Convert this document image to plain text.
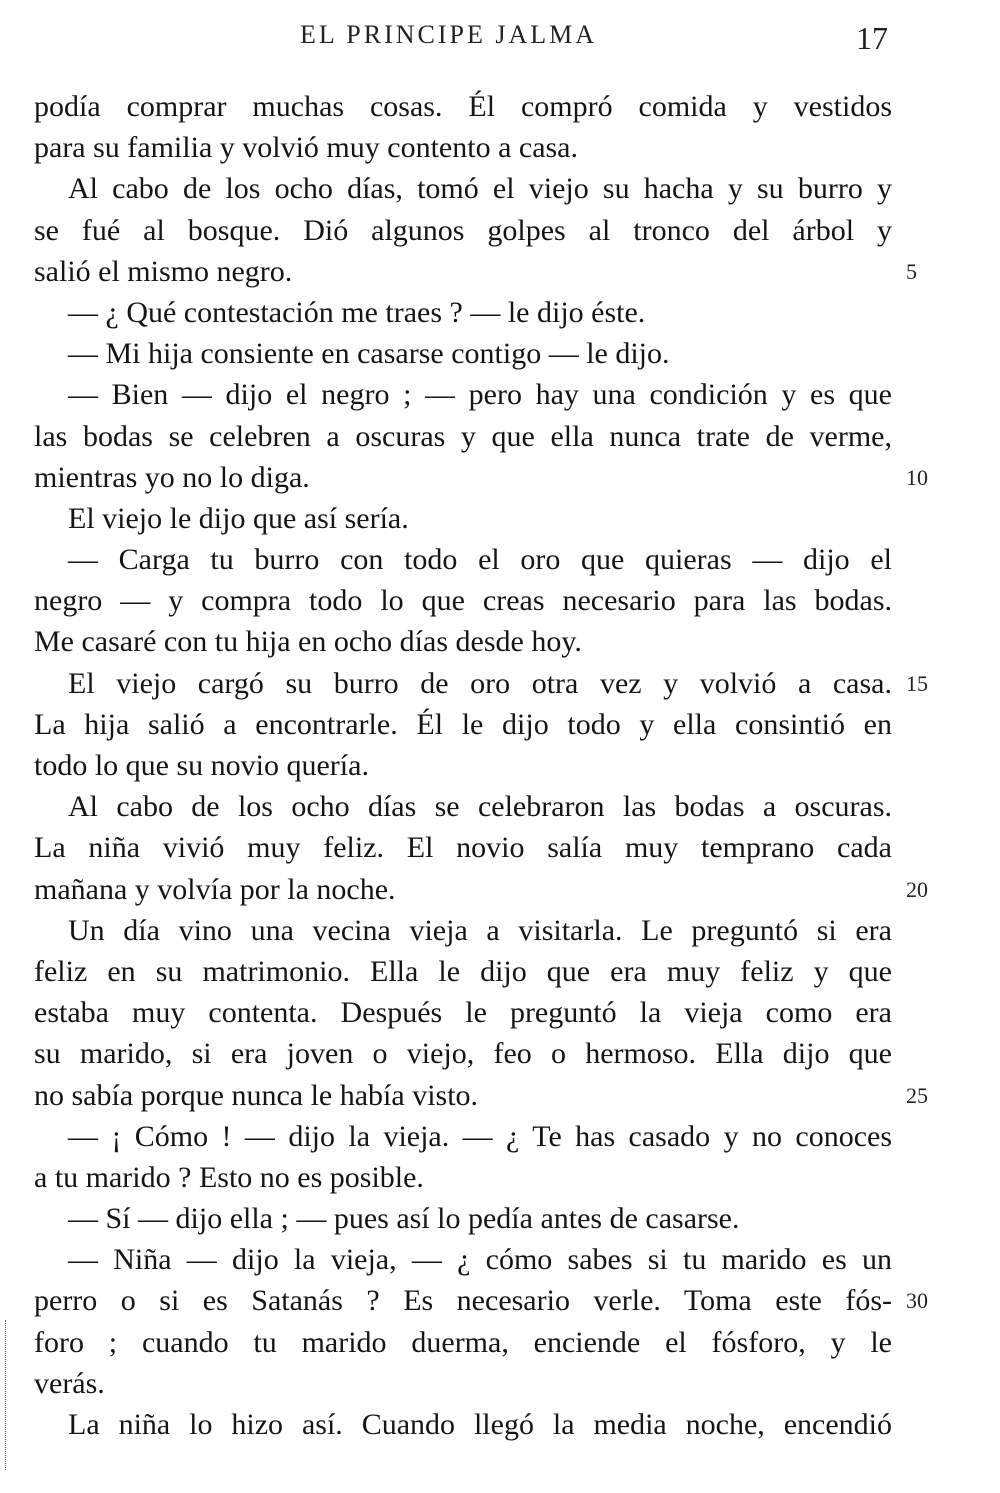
EL PRINCIPE JALMA	17
podía comprar muchas cosas. Él compró comida y vestidos
para su familia y volvió muy contento a casa.
Al cabo de los ocho días, tomó el viejo su hacha y su burro y
se fué al bosque. Dió algunos golpes al tronco del árbol y
salió el mismo negro.	5
— ¿ Qué contestación me traes ? — le dijo éste.
— Mi hija consiente en casarse contigo — le dijo.
— Bien — dijo el negro ; — pero hay una condición y es que
las bodas se celebren a oscuras y que ella nunca trate de verme,
mientras yo no lo diga.	10
El viejo le dijo que así sería.
— Carga tu burro con todo el oro que quieras — dijo el
negro — y compra todo lo que creas necesario para las bodas.
Me casaré con tu hija en ocho días desde hoy.
El viejo cargó su burro de oro otra vez y volvió a casa. 15
La hija salió a encontrarle. Él le dijo todo y ella consintió en
todo lo que su novio quería.
Al cabo de los ocho días se celebraron las bodas a oscuras.
La niña vivió muy feliz. El novio salía muy temprano cada
mañana y volvía por la noche.	20
Un día vino una vecina vieja a visitarla. Le preguntó si era
feliz en su matrimonio. Ella le dijo que era muy feliz y que
estaba muy contenta. Después le preguntó la vieja como era
su marido, si era joven o viejo, feo o hermoso. Ella dijo que
no sabía porque nunca le había visto.	25
— ¡ Cómo ! — dijo la vieja. — ¿ Te has casado y no conoces
a tu marido ? Esto no es posible.
— Sí — dijo ella ; — pues así lo pedía antes de casarse.
— Niña — dijo la vieja, — ¿ cómo sabes si tu marido es un
perro o si es Satanás ? Es necesario verle. Toma este fós- 30
foro ; cuando tu marido duerma, enciende el fósforo, y le
verás.
La niña lo hizo así. Cuando llegó la media noche, encendió
